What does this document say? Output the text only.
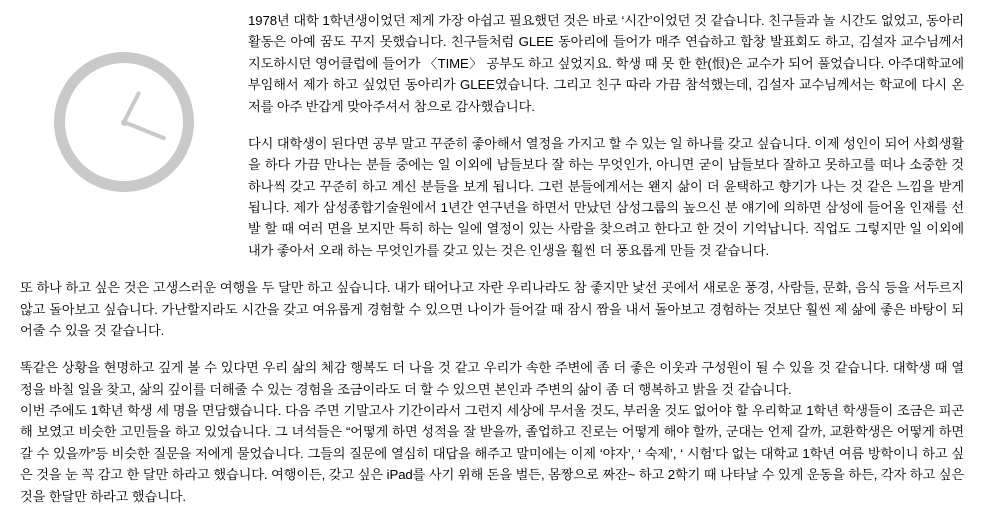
1978년 대학 1학년생이었던 제게 가장 아쉽고 필요했던 것은 바로 ‘시간’이었던 것 같습니다. 친구들과 놀 시간도 없었고, 동아리 활동은 아예 꿈도 꾸지 못했습니다. 친구들처럼 GLEE 동아리에 들어가 매주 연습하고 합창 발표회도 하고, 김설자 교수님께서 지도하시던 영어클럽에 들어가 〈TIME〉 공부도 하고 싶었지요. 학생 때 못 한 한(恨)은 교수가 되어 풀었습니다. 아주대학교에 부임해서 제가 하고 싶었던 동아리가 GLEE였습니다. 그리고 친구 따라 가끔 참석했는데, 김설자 교수님께서는 학교에 다시 온 저를 아주 반갑게 맞아주셔서 참으로 감사했습니다.

다시 대학생이 된다면 공부 말고 꾸준히 좋아해서 열정을 가지고 할 수 있는 일 하나를 갖고 싶습니다. 이제 성인이 되어 사회생활을 하다 가끔 만나는 분들 중에는 일 이외에 남들보다 잘 하는 무엇인가, 아니면 굳이 남들보다 잘하고 못하고를 떠나 소중한 것 하나씩 갖고 꾸준히 하고 계신 분들을 보게 됩니다. 그런 분들에게서는 왠지 삶이 더 윤택하고 향기가 나는 것 같은 느낌을 받게 됩니다. 제가 삼성종합기술원에서 1년간 연구년을 하면서 만났던 삼성그룹의 높으신 분 얘기에 의하면 삼성에 들어올 인재를 선발 할 때 여러 면을 보지만 특히 하는 일에 열정이 있는 사람을 찾으려고 한다고 한 것이 기억납니다. 직업도 그렇지만 일 이외에 내가 좋아서 오래 하는 무엇인가를 갖고 있는 것은 인생을 훨씬 더 풍요롭게 만들 것 같습니다.

또 하나 하고 싶은 것은 고생스러운 여행을 두 달만 하고 싶습니다. 내가 태어나고 자란 우리나라도 참 좋지만 낯선 곳에서 새로운 풍경, 사람들, 문화, 음식 등을 서두르지 않고 돌아보고 싶습니다. 가난할지라도 시간을 갖고 여유롭게 경험할 수 있으면 나이가 들어갈 때 잠시 짬을 내서 돌아보고 경험하는 것보단 훨씬 제 삶에 좋은 바탕이 되어줄 수 있을 것 같습니다.

똑같은 상황을 현명하고 깊게 볼 수 있다면 우리 삶의 체감 행복도 더 나을 것 같고 우리가 속한 주변에 좀 더 좋은 이웃과 구성원이 될 수 있을 것 같습니다. 대학생 때 열정을 바칠 일을 찾고, 삶의 깊이를 더해줄 수 있는 경험을 조금이라도 더 할 수 있으면 본인과 주변의 삶이 좀 더 행복하고 밝을 것 같습니다.

이번 주에도 1학년 학생 세 명을 면담했습니다. 다음 주면 기말고사 기간이라서 그런지 세상에 무서울 것도, 부러울 것도 없어야 할 우리학교 1학년 학생들이 조금은 피곤해 보였고 비슷한 고민들을 하고 있었습니다. 그 녀석들은 “어떻게 하면 성적을 잘 받을까, 졸업하고 진로는 어떻게 해야 할까, 군대는 언제 갈까, 교환학생은 어떻게 하면 갈 수 있을까”등 비슷한 질문을 저에게 물었습니다. 그들의 질문에 열심히 대답을 해주고 말미에는 이제 ‘야자’, ‘ 숙제’, ‘ 시험’다 없는 대학교 1학년 여름 방학이니 하고 싶은 것을 눈 꼭 감고 한 달만 하라고 했습니다. 여행이든, 갖고 싶은 iPad를 사기 위해 돈을 벌든, 몸짱으로 짜잔~ 하고 2학기 때 나타날 수 있게 운동을 하든, 각자 하고 싶은 것을 한달만 하라고 했습니다.
